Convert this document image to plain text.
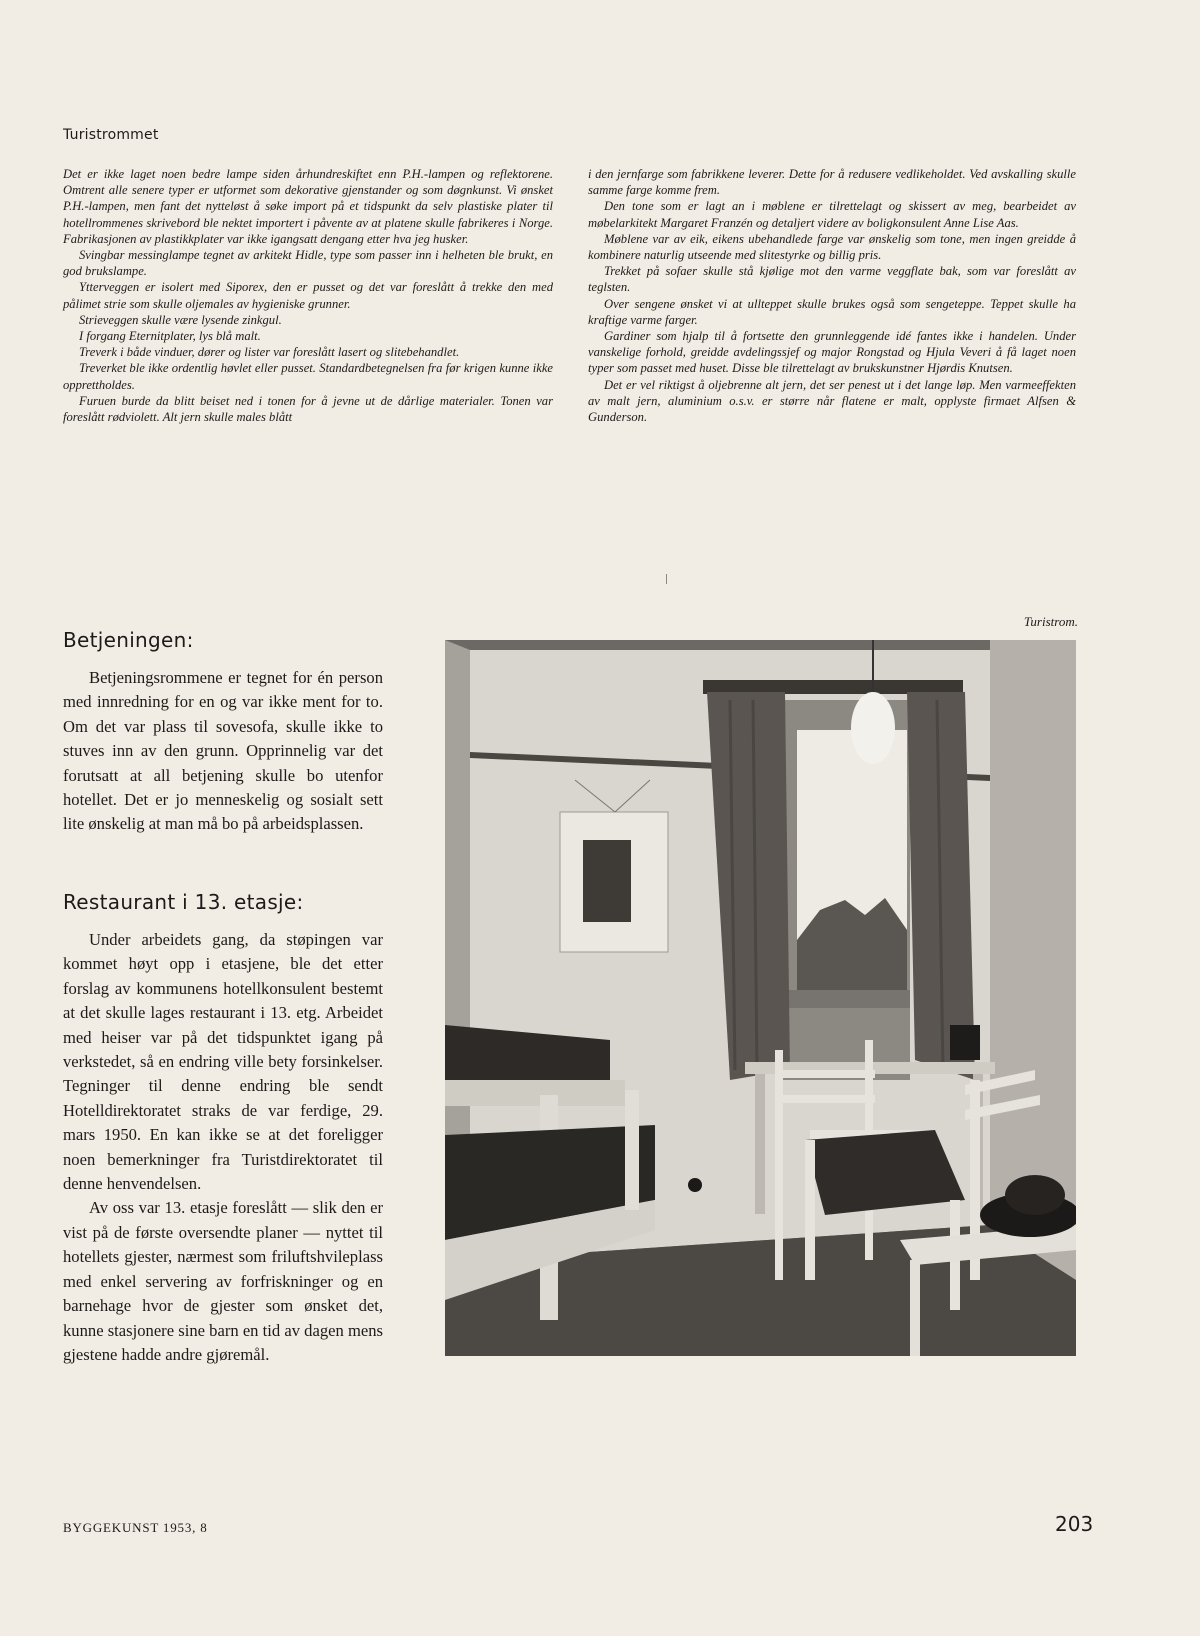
Turistrommet

Det er ikke laget noen bedre lampe siden århundreskiftet enn P.H.-lampen og reflektorene. Omtrent alle senere typer er utformet som dekorative gjenstander og som døgnkunst. Vi ønsket P.H.-lampen, men fant det nytteløst å søke import på et tidspunkt da selv plastiske plater til hotellrommenes skrivebord ble nektet importert i påvente av at platene skulle fabrikeres i Norge. Fabrikasjonen av plastikkplater var ikke igangsatt dengang etter hva jeg husker.

Svingbar messinglampe tegnet av arkitekt Hidle, type som passer inn i helheten ble brukt, en god brukslampe.

Ytterveggen er isolert med Siporex, den er pusset og det var foreslått å trekke den med pålimet strie som skulle oljemales av hygieniske grunner.

Strieveggen skulle være lysende zinkgul.

I forgang Eternitplater, lys blå malt.

Treverk i både vinduer, dører og lister var foreslått lasert og slitebehandlet.

Treverket ble ikke ordentlig høvlet eller pusset. Standardbetegnelsen fra før krigen kunne ikke opprettholdes.

Furuen burde da blitt beiset ned i tonen for å jevne ut de dårlige materialer. Tonen var foreslått rødviolett. Alt jern skulle males blått

i den jernfarge som fabrikkene leverer. Dette for å redusere vedlikeholdet. Ved avskalling skulle samme farge komme frem.

Den tone som er lagt an i møblene er tilrettelagt og skissert av meg, bearbeidet av møbelarkitekt Margaret Franzén og detaljert videre av boligkonsulent Anne Lise Aas.

Møblene var av eik, eikens ubehandlede farge var ønskelig som tone, men ingen greidde å kombinere naturlig utseende med slitestyrke og billig pris.

Trekket på sofaer skulle stå kjølige mot den varme veggflate bak, som var foreslått av teglsten.

Over sengene ønsket vi at ullteppet skulle brukes også som sengeteppe. Teppet skulle ha kraftige varme farger.

Gardiner som hjalp til å fortsette den grunnleggende idé fantes ikke i handelen. Under vanskelige forhold, greidde avdelingssjef og major Rongstad og Hjula Veveri å få laget noen typer som passet med huset. Disse ble tilrettelagt av brukskunstner Hjørdis Knutsen.

Det er vel riktigst å oljebrenne alt jern, det ser penest ut i det lange løp. Men varmeeffekten av malt jern, aluminium o.s.v. er større når flatene er malt, opplyste firmaet Alfsen & Gunderson.

Turistrom.
Betjeningen:

Betjeningsrommene er tegnet for én person med innredning for en og var ikke ment for to. Om det var plass til sovesofa, skulle ikke to stuves inn av den grunn. Opprinnelig var det forutsatt at all betjening skulle bo utenfor hotellet. Det er jo menneskelig og sosialt sett lite ønskelig at man må bo på arbeidsplassen.

Restaurant i 13. etasje:

Under arbeidets gang, da støpingen var kommet høyt opp i etasjene, ble det etter forslag av kommunens hotellkonsulent bestemt at det skulle lages restaurant i 13. etg. Arbeidet med heiser var på det tidspunktet igang på verkstedet, så en endring ville bety forsinkelser. Tegninger til denne endring ble sendt Hotelldirektoratet straks de var ferdige, 29. mars 1950. En kan ikke se at det foreligger noen bemerkninger fra Turistdirektoratet til denne henvendelsen.

Av oss var 13. etasje foreslått — slik den er vist på de første oversendte planer — nyttet til hotellets gjester, nærmest som friluftshvileplass med enkel servering av forfriskninger og en barnehage hvor de gjester som ønsket det, kunne stasjonere sine barn en tid av dagen mens gjestene hadde andre gjøremål.

BYGGEKUNST 1953, 8	203
